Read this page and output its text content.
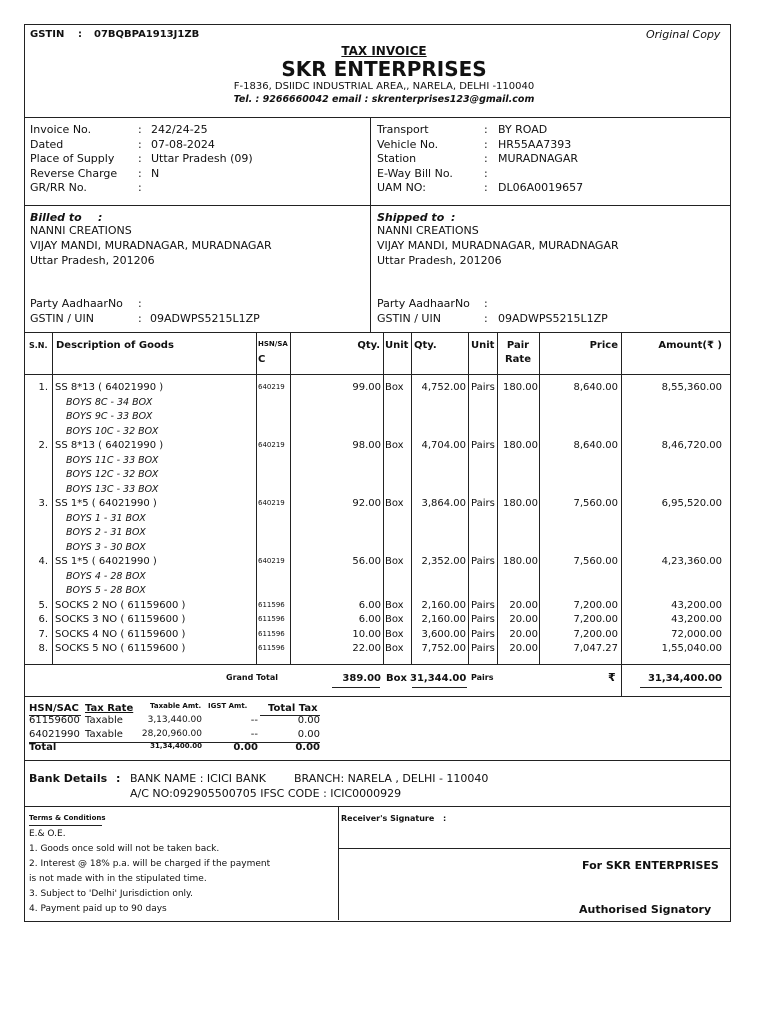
GSTIN : 07BQBPA1913J1ZB	Original Copy
TAX INVOICE
SKR ENTERPRISES
F-1836, DSIIDC INDUSTRIAL AREA,, NARELA, DELHI -110040
Tel. : 9266660042 email : skrenterprises123@gmail.com
Invoice No.	: 242/24-25
Dated	: 07-08-2024
Place of Supply : Uttar Pradesh (09)
Reverse Charge : N
GR/RR No.	:
Transport	: BY ROAD
Vehicle No.	: HR55AA7393
Station	: MURADNAGAR
E-Way Bill No.	:
UAM NO:	: DL06A0019657
Billed to :
NANNI CREATIONS
VIJAY MANDI, MURADNAGAR, MURADNAGAR
Uttar Pradesh, 201206
Party AadhaarNo :
GSTIN / UIN	: 09ADWPS5215L1ZP
Shipped to :
NANNI CREATIONS
VIJAY MANDI, MURADNAGAR, MURADNAGAR
Uttar Pradesh, 201206
Party AadhaarNo :
GSTIN / UIN	: 09ADWPS5215L1ZP
S.N. Description of Goods	HSN/SA
C
Qty. Unit Qty.	Unit	Pair
Rate
Price	Amount(₹ )
1. SS 8*13 ( 64021990 )	640219	99.00 Box	4,752.00 Pairs 180.00	8,640.00	8,55,360.00
BOYS 8C - 34 BOX
BOYS 9C - 33 BOX
BOYS 10C - 32 BOX
2. SS 8*13 ( 64021990 )	640219	98.00 Box	4,704.00 Pairs 180.00	8,640.00	8,46,720.00
BOYS 11C - 33 BOX
BOYS 12C - 32 BOX
BOYS 13C - 33 BOX
3. SS 1*5 ( 64021990 )	640219	92.00 Box	3,864.00 Pairs 180.00	7,560.00	6,95,520.00
BOYS 1 - 31 BOX
BOYS 2 - 31 BOX
BOYS 3 - 30 BOX
4. SS 1*5 ( 64021990 )	640219	56.00 Box	2,352.00 Pairs 180.00	7,560.00	4,23,360.00
BOYS 4 - 28 BOX
BOYS 5 - 28 BOX
5. SOCKS 2 NO ( 61159600 )	611596	6.00 Box	2,160.00 Pairs	20.00	7,200.00	43,200.00
6. SOCKS 3 NO ( 61159600 )	611596	6.00 Box	2,160.00 Pairs	20.00	7,200.00	43,200.00
7. SOCKS 4 NO ( 61159600 )	611596	10.00 Box	3,600.00 Pairs	20.00	7,200.00	72,000.00
8. SOCKS 5 NO ( 61159600 )	611596	22.00 Box	7,752.00 Pairs	20.00	7,047.27	1,55,040.00
Grand Total	389.00 Box 31,344.00 Pairs	₹	31,34,400.00
HSN/SAC Tax Rate Taxable Amt. IGST Amt. Total Tax
61159600 Taxable	3,13,440.00	--	0.00
64021990 Taxable	28,20,960.00	--	0.00
Total	31,34,400.00	0.00	0.00
Bank Details : BANK NAME : ICICI BANK	BRANCH: NARELA , DELHI - 110040
A/C NO:092905500705 IFSC CODE : ICIC0000929
Terms & Conditions
E.& O.E.
1. Goods once sold will not be taken back.
2. Interest @ 18% p.a. will be charged if the payment
is not made with in the stipulated time.
3. Subject to 'Delhi' Jurisdiction only.
4. Payment paid up to 90 days
Receiver's Signature :
For SKR ENTERPRISES
Authorised Signatory
